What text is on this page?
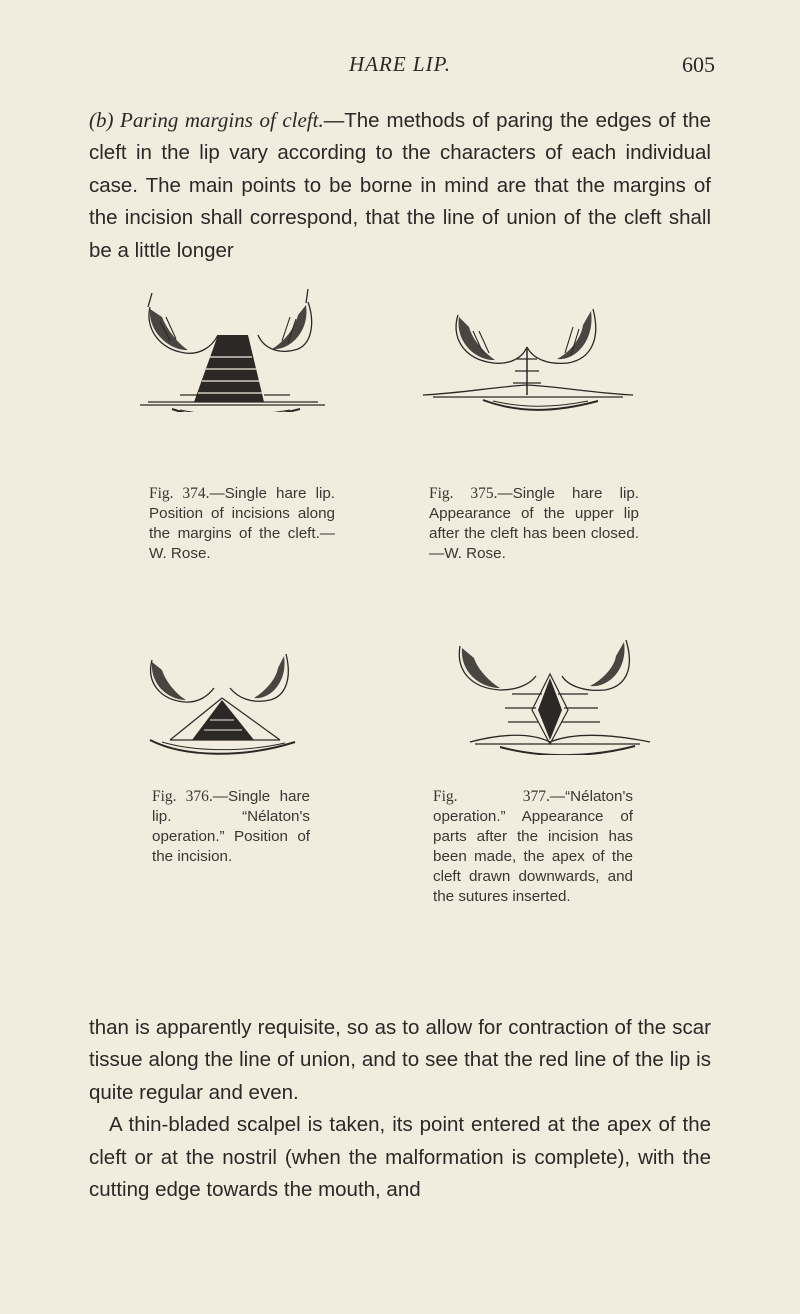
HARE LIP.	605

(b) Paring margins of cleft.—The methods of paring the edges of the cleft in the lip vary according to the characters of each individual case. The main points to be borne in mind are that the margins of the incision shall correspond, that the line of union of the cleft shall be a little longer

Fig. 374.—Single hare lip. Position of incisions along the margins of the cleft.—W. Rose.

Fig. 375.—Single hare lip. Appearance of the upper lip after the cleft has been closed.—W. Rose.

Fig. 376.—Single hare lip. “Nélaton's operation.” Position of the incision.

Fig. 377.—“Nélaton's operation.” Appearance of parts after the incision has been made, the apex of the cleft drawn downwards, and the sutures inserted.

than is apparently requisite, so as to allow for contraction of the scar tissue along the line of union, and to see that the red line of the lip is quite regular and even.

A thin-bladed scalpel is taken, its point entered at the apex of the cleft or at the nostril (when the malformation is complete), with the cutting edge towards the mouth, and
